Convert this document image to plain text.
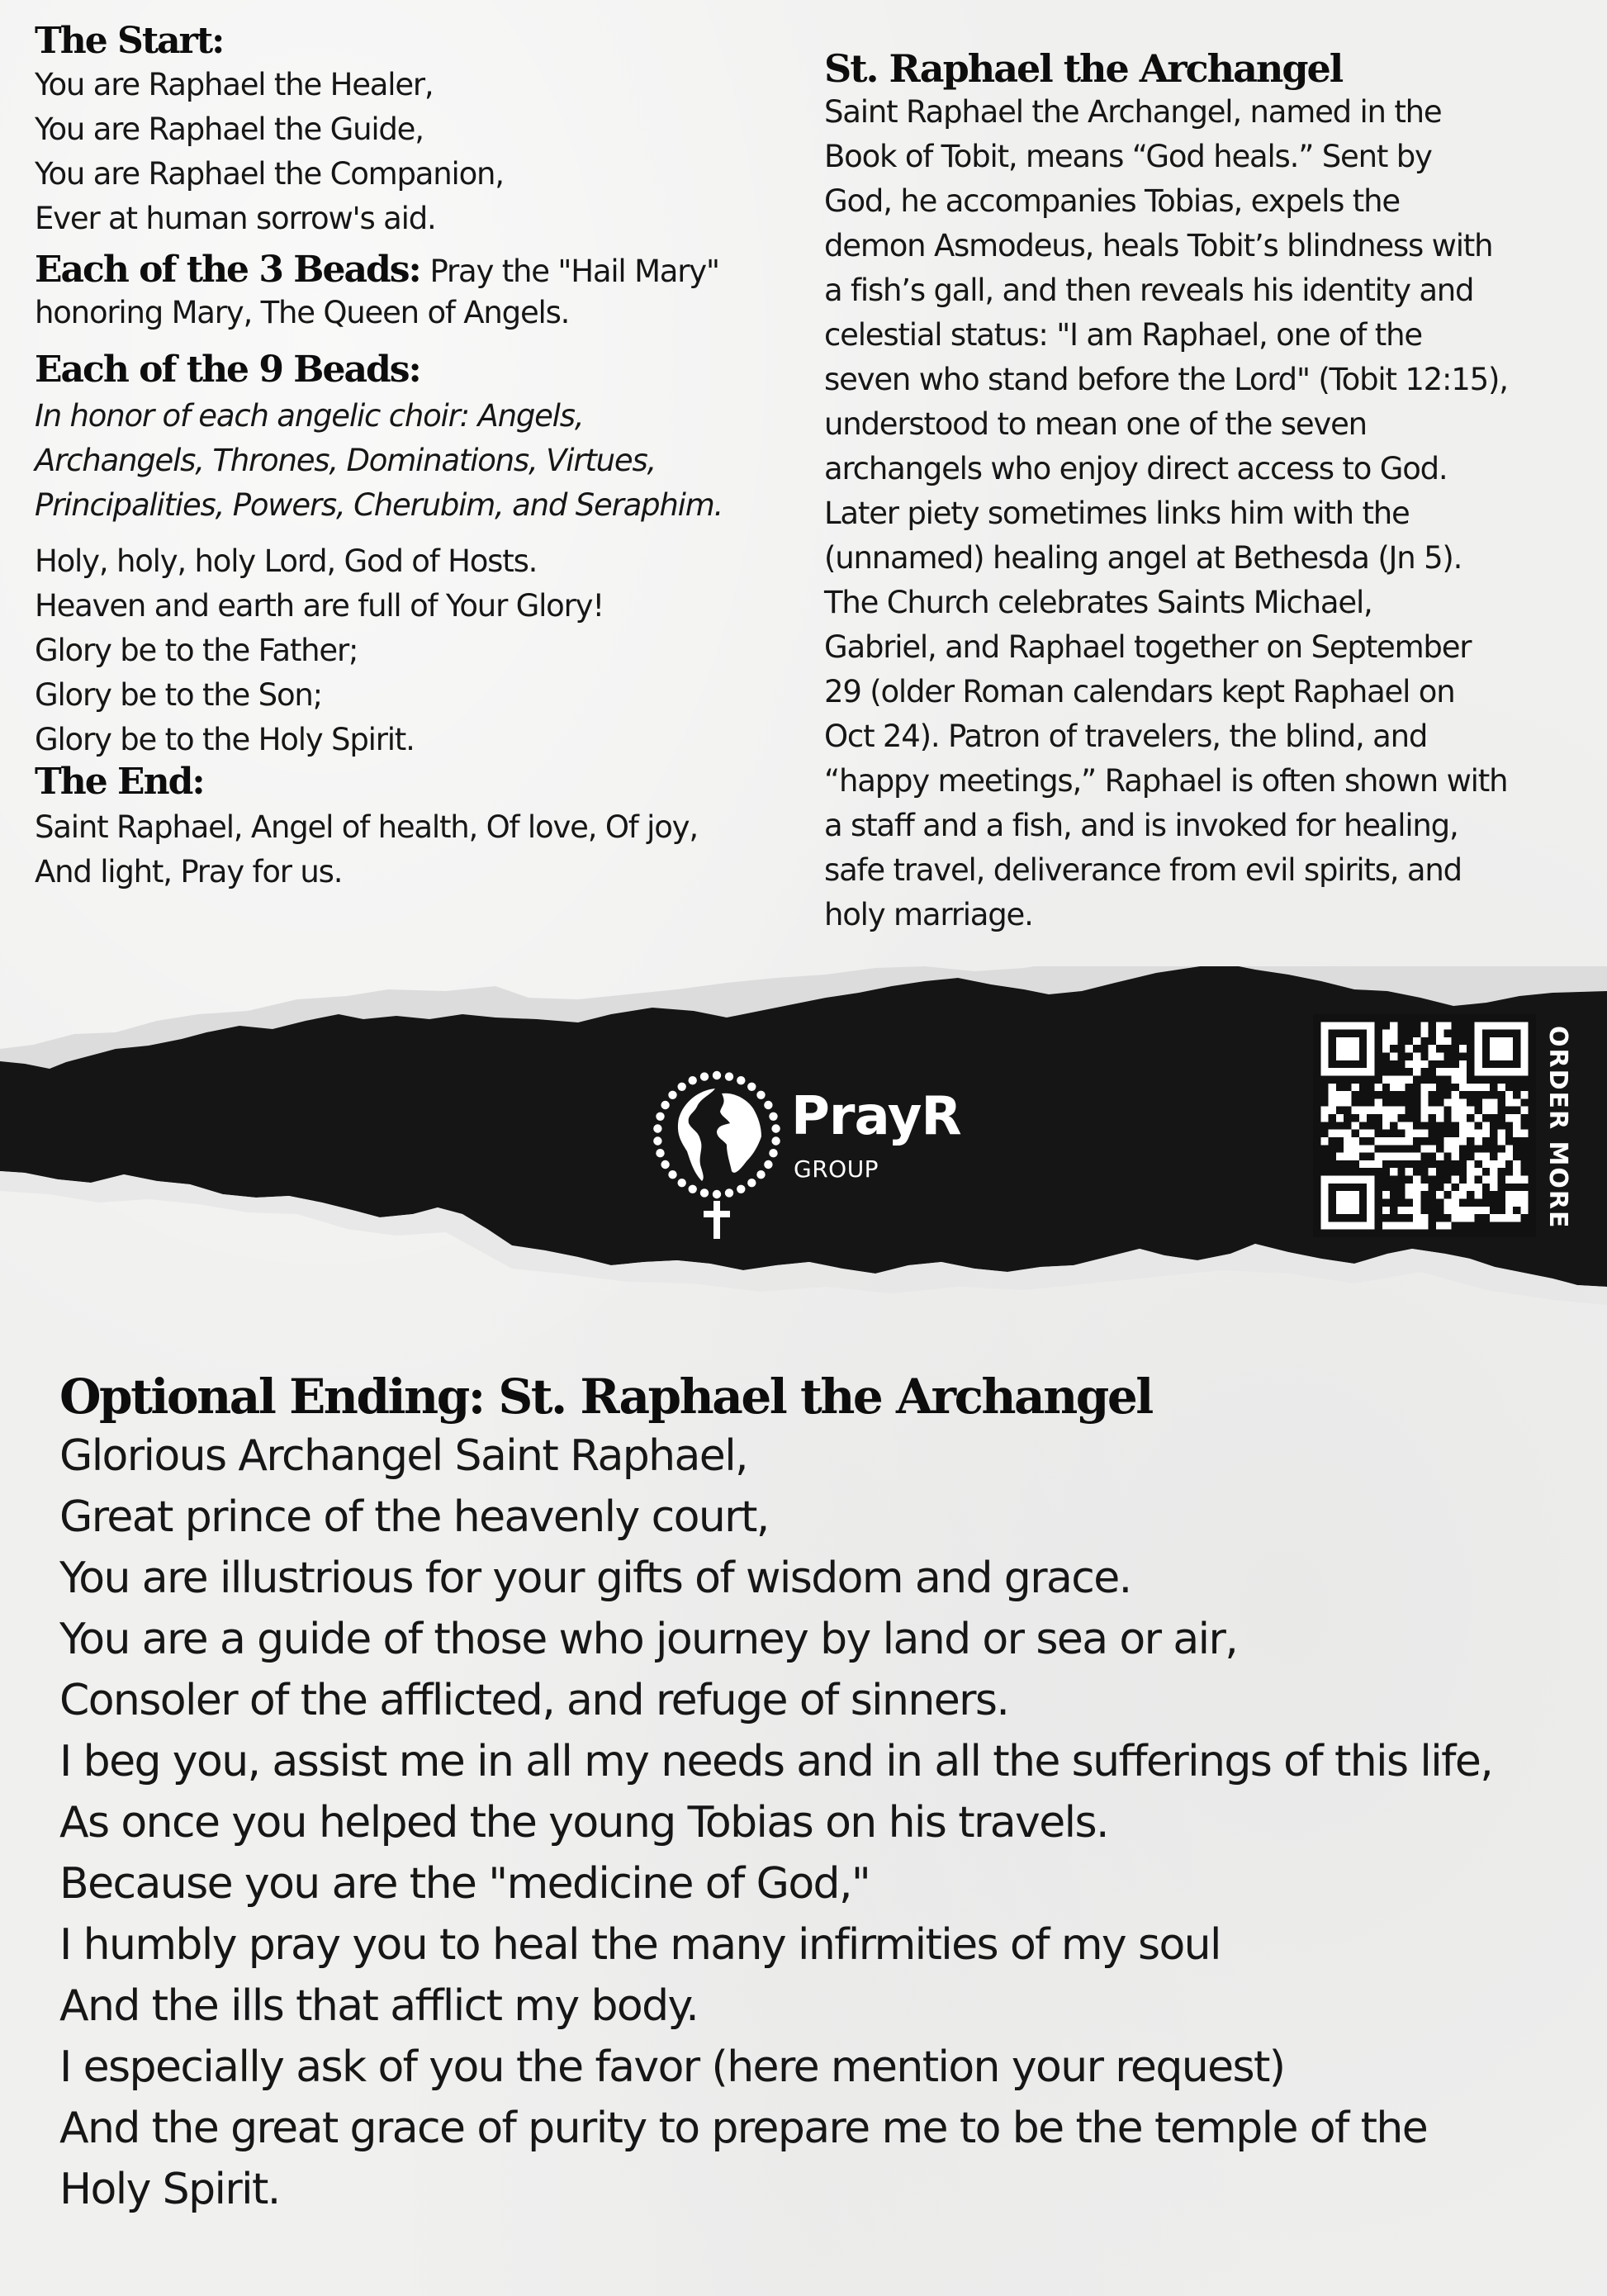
The Start:
You are Raphael the Healer,
You are Raphael the Guide,
You are Raphael the Companion,
Ever at human sorrow's aid.
Each of the 3 Beads: Pray the "Hail Mary"
honoring Mary, The Queen of Angels.
Each of the 9 Beads:
In honor of each angelic choir: Angels,
Archangels, Thrones, Dominations, Virtues,
Principalities, Powers, Cherubim, and Seraphim.
Holy, holy, holy Lord, God of Hosts.
Heaven and earth are full of Your Glory!
Glory be to the Father;
Glory be to the Son;
Glory be to the Holy Spirit.
The End:
Saint Raphael, Angel of health, Of love, Of joy,
And light, Pray for us.
St. Raphael the Archangel
Saint Raphael the Archangel, named in the
Book of Tobit, means “God heals.” Sent by
God, he accompanies Tobias, expels the
demon Asmodeus, heals Tobit’s blindness with
a fish’s gall, and then reveals his identity and
celestial status: "I am Raphael, one of the
seven who stand before the Lord" (Tobit 12:15),
understood to mean one of the seven
archangels who enjoy direct access to God.
Later piety sometimes links him with the
(unnamed) healing angel at Bethesda (Jn 5).
The Church celebrates Saints Michael,
Gabriel, and Raphael together on September
29 (older Roman calendars kept Raphael on
Oct 24). Patron of travelers, the blind, and
“happy meetings,” Raphael is often shown with
a staff and a fish, and is invoked for healing,
safe travel, deliverance from evil spirits, and
holy marriage.
PrayR
GROUP	ORDER MORE
Optional Ending: St. Raphael the Archangel
Glorious Archangel Saint Raphael,
Great prince of the heavenly court,
You are illustrious for your gifts of wisdom and grace.
You are a guide of those who journey by land or sea or air,
Consoler of the afflicted, and refuge of sinners.
I beg you, assist me in all my needs and in all the sufferings of this life,
As once you helped the young Tobias on his travels.
Because you are the "medicine of God,"
I humbly pray you to heal the many infirmities of my soul
And the ills that afflict my body.
I especially ask of you the favor (here mention your request)
And the great grace of purity to prepare me to be the temple of the
Holy Spirit.
